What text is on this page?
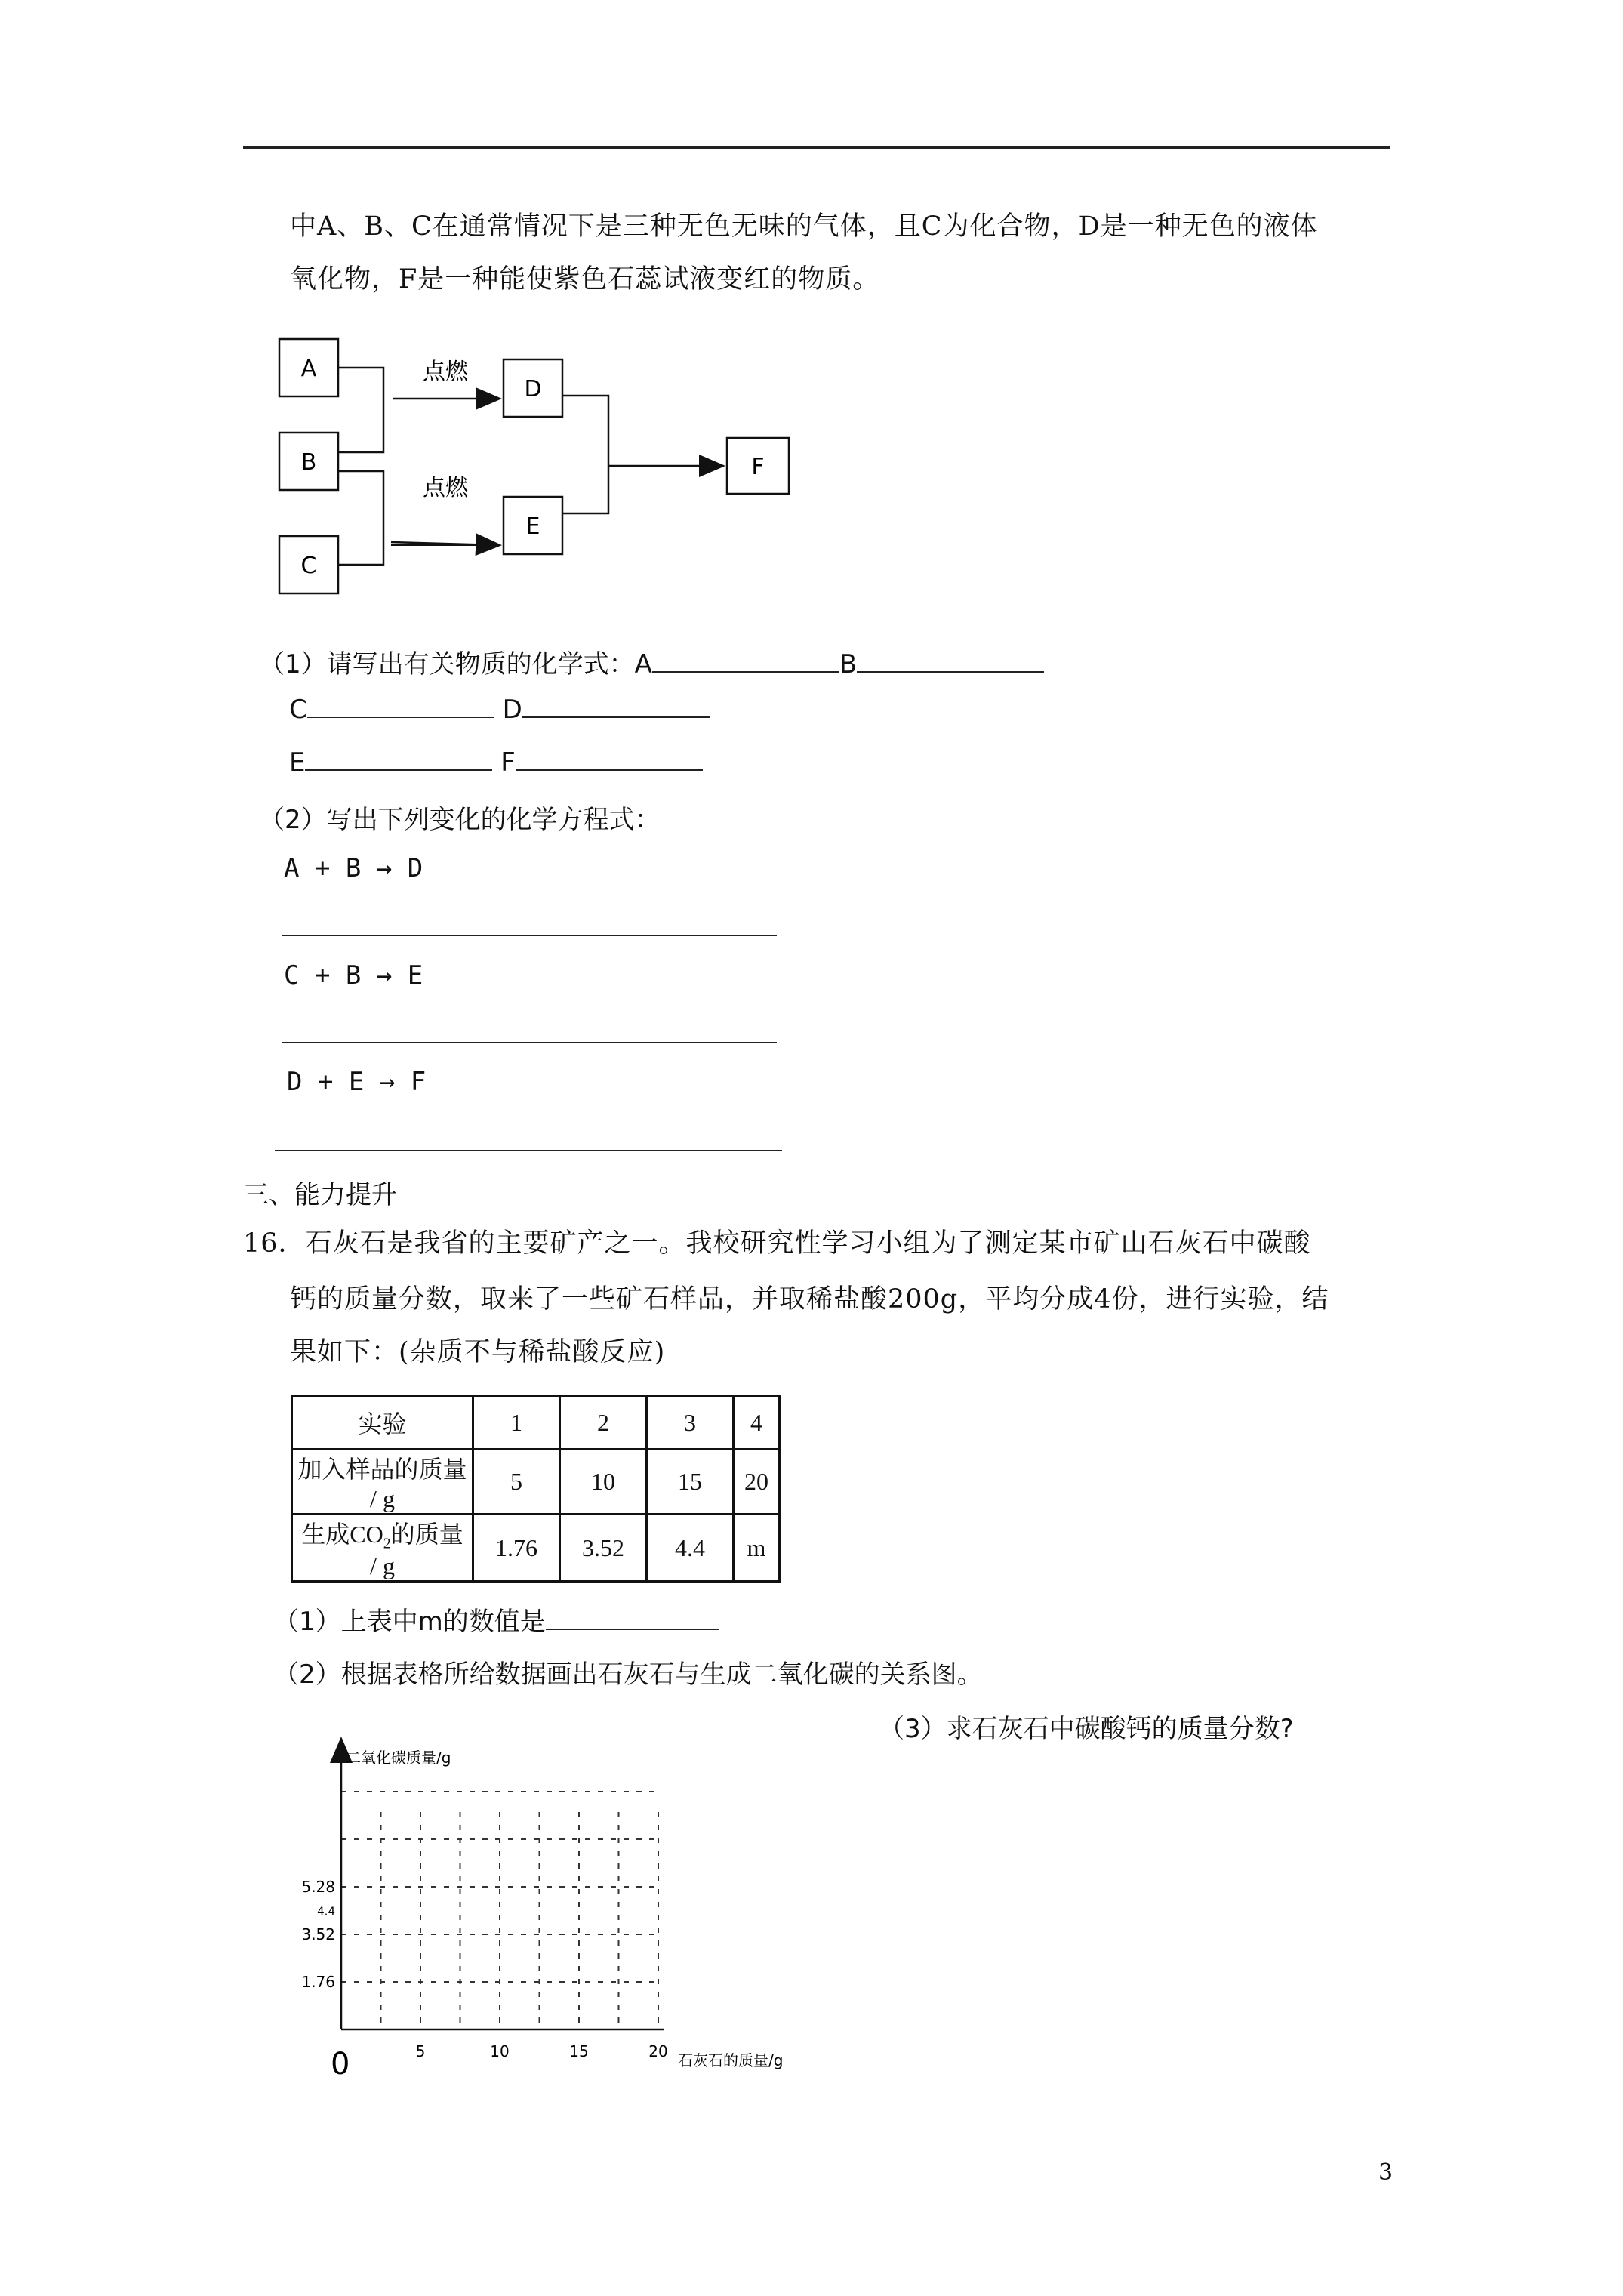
中A、B、C在通常情况下是三种无色无味的气体，且C为化合物，D是一种无色的液体
氧化物，F是一种能使紫色石蕊试液变红的物质。
A
B
C
D
E
F
点燃
点燃
（1）请写出有关物质的化学式：A	B
C	D
E	F
（2）写出下列变化的化学方程式：
A + B → D
C + B → E
D + E → F
三、能力提升
16．石灰石是我省的主要矿产之一。我校研究性学习小组为了测定某市矿山石灰石中碳酸
钙的质量分数，取来了一些矿石样品，并取稀盐酸200g，平均分成4份，进行实验，结
果如下：(杂质不与稀盐酸反应)
实验	1	2	3	4
加入样品的质量 / g	5	10	15	20
生成$CO_2$的质量 / g	1.76	3.52	4.4	m
（1）上表中m的数值是
（2）根据表格所给数据画出石灰石与生成二氧化碳的关系图。
（3）求石灰石中碳酸钙的质量分数?
二氧化碳质量/g
石灰石的质量/g
0	5	10	15	20
1.76
3.52
4.4
5.28
3
